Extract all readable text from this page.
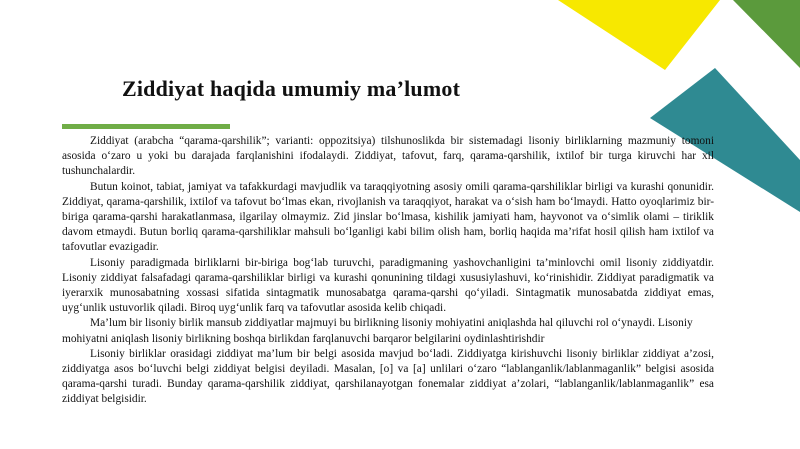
Ziddiyat haqida umumiy ma’lumot

Ziddiyat (arabcha “qarama-qarshilik”; varianti: oppozitsiya) tilshunoslikda bir sistemadagi lisoniy birliklarning mazmuniy tomoni asosida o‘zaro u yoki bu darajada farqlanishini ifodalaydi. Ziddiyat, tafovut, farq, qarama-qarshilik, ixtilof bir turga kiruvchi har xil tushunchalardir.

Butun koinot, tabiat, jamiyat va tafakkurdagi mavjudlik va taraqqiyotning asosiy omili qarama-qarshiliklar birligi va kurashi qonunidir. Ziddiyat, qarama-qarshilik, ixtilof va tafovut bo‘lmas ekan, rivojlanish va taraqqiyot, harakat va o‘sish ham bo‘lmaydi. Hatto oyoqlarimiz bir-biriga qarama-qarshi harakatlanmasa, ilgarilay olmaymiz. Zid jinslar bo‘lmasa, kishilik jamiyati ham, hayvonot va o‘simlik olami – tiriklik davom etmaydi. Butun borliq qarama-qarshiliklar mahsuli bo‘lganligi kabi bilim olish ham, borliq haqida ma’rifat hosil qilish ham ixtilof va tafovutlar evazigadir.

Lisoniy paradigmada birliklarni bir-biriga bog‘lab turuvchi, paradigmaning yashovchanligini ta’minlovchi omil lisoniy ziddiyatdir. Lisoniy ziddiyat falsafadagi qarama-qarshiliklar birligi va kurashi qonunining tildagi xususiylashuvi, ko‘rinishidir. Ziddiyat paradigmatik va iyerarxik munosabatning xossasi sifatida sintagmatik munosabatga qarama-qarshi qo‘yiladi. Sintagmatik munosabatda ziddiyat emas, uyg‘unlik ustuvorlik qiladi. Biroq uyg‘unlik farq va tafovutlar asosida kelib chiqadi.

Ma’lum bir lisoniy birlik mansub ziddiyatlar majmuyi bu birlikning lisoniy mohiyatini aniqlashda hal qiluvchi rol o‘ynaydi. Lisoniy mohiyatni aniqlash lisoniy birlikning boshqa birlikdan farqlanuvchi barqaror belgilarini oydinlashtirishdir

Lisoniy birliklar orasidagi ziddiyat ma’lum bir belgi asosida mavjud bo‘ladi. Ziddiyatga kirishuvchi lisoniy birliklar ziddiyat a’zosi, ziddiyatga asos bo‘luvchi belgi ziddiyat belgisi deyiladi. Masalan, [o] va [a] unlilari o‘zaro “lablanganlik/lablanmaganlik” belgisi asosida qarama-qarshi turadi. Bunday qarama-qarshilik ziddiyat, qarshilanayotgan fonemalar ziddiyat a’zolari, “lablanganlik/lablanmaganlik” esa ziddiyat belgisidir.
